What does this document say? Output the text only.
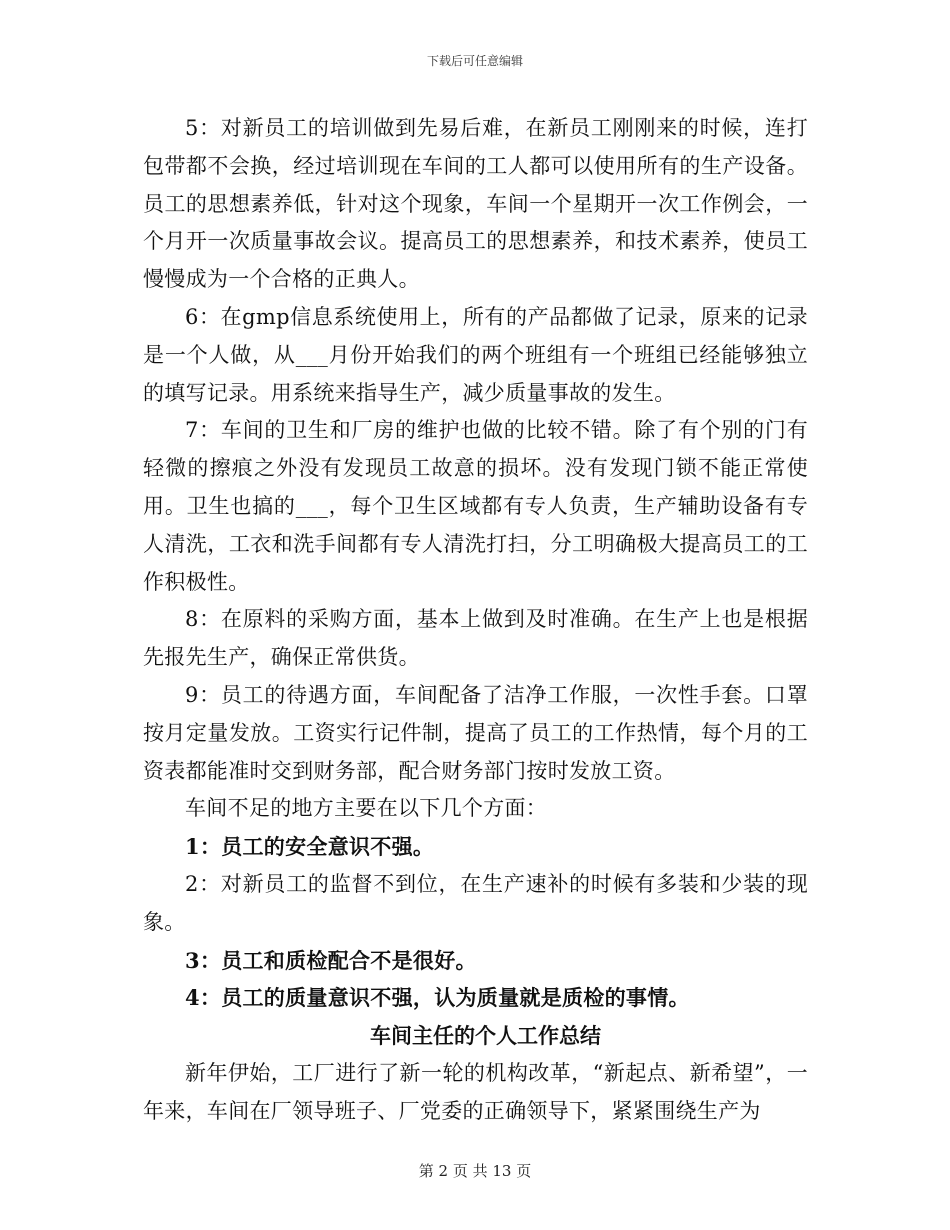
下载后可任意编辑

5：对新员工的培训做到先易后难，在新员工刚刚来的时候，连打包带都不会换，经过培训现在车间的工人都可以使用所有的生产设备。员工的思想素养低，针对这个现象，车间一个星期开一次工作例会，一个月开一次质量事故会议。提高员工的思想素养，和技术素养，使员工慢慢成为一个合格的正典人。

6：在gmp信息系统使用上，所有的产品都做了记录，原来的记录是一个人做，从___月份开始我们的两个班组有一个班组已经能够独立的填写记录。用系统来指导生产，减少质量事故的发生。

7：车间的卫生和厂房的维护也做的比较不错。除了有个别的门有轻微的擦痕之外没有发现员工故意的损坏。没有发现门锁不能正常使用。卫生也搞的___，每个卫生区域都有专人负责，生产辅助设备有专人清洗，工衣和洗手间都有专人清洗打扫，分工明确极大提高员工的工作积极性。

8：在原料的采购方面，基本上做到及时准确。在生产上也是根据先报先生产，确保正常供货。

9：员工的待遇方面，车间配备了洁净工作服，一次性手套。口罩按月定量发放。工资实行记件制，提高了员工的工作热情，每个月的工资表都能准时交到财务部，配合财务部门按时发放工资。

车间不足的地方主要在以下几个方面：

1：员工的安全意识不强。

2：对新员工的监督不到位，在生产速补的时候有多装和少装的现象。

3：员工和质检配合不是很好。

4：员工的质量意识不强，认为质量就是质检的事情。

车间主任的个人工作总结

新年伊始，工厂进行了新一轮的机构改革，“新起点、新希望”，一年来，车间在厂领导班子、厂党委的正确领导下，紧紧围绕生产为

第 2 页 共 13 页
